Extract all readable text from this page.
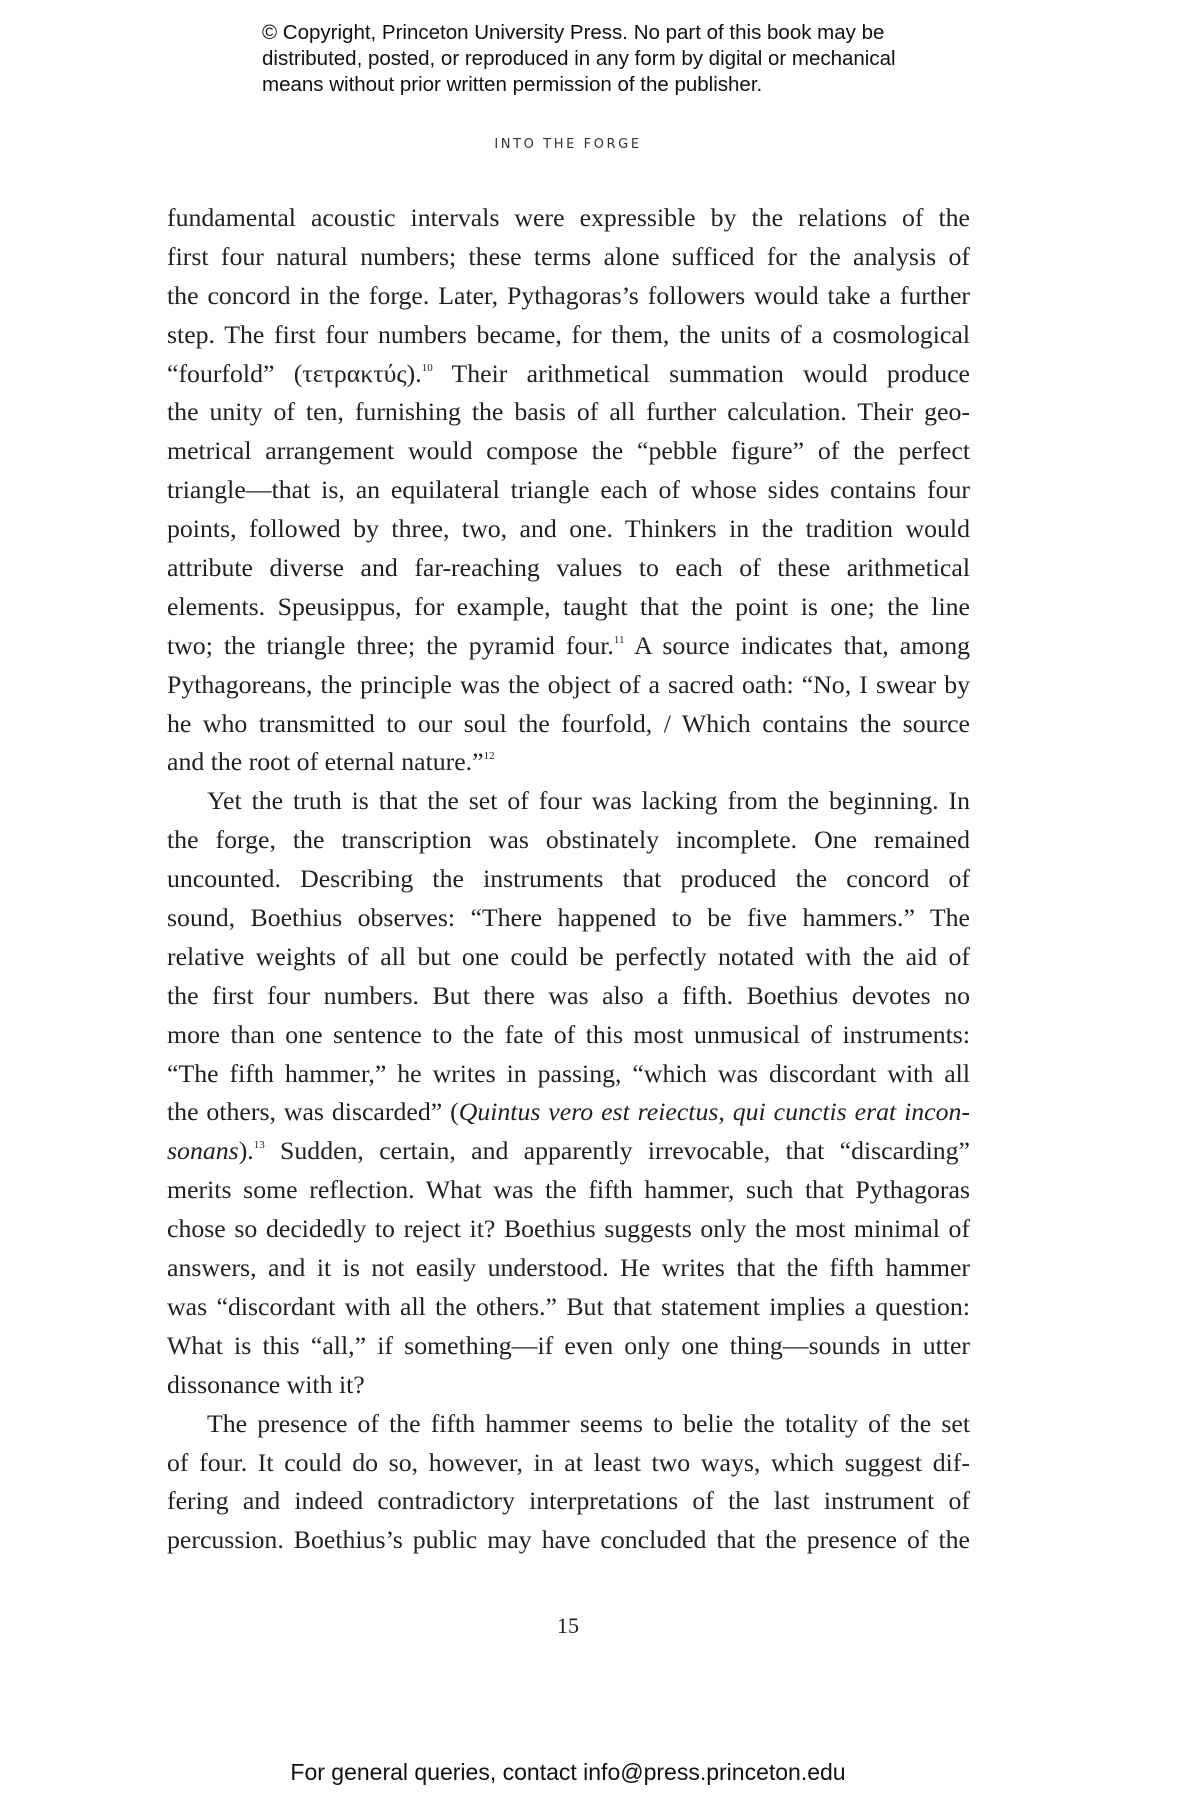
© Copyright, Princeton University Press. No part of this book may be
distributed, posted, or reproduced in any form by digital or mechanical
means without prior written permission of the publisher.
INTO THE FORGE
fundamental acoustic intervals were expressible by the relations of the
first four natural numbers; these terms alone sufficed for the analysis of
the concord in the forge. Later, Pythagoras’s followers would take a further
step. The first four numbers became, for them, the units of a cosmological
“fourfold” (τετρακτύς).$^{10}$ Their arithmetical summation would produce
the unity of ten, furnishing the basis of all further calculation. Their geo-
metrical arrangement would compose the “pebble figure” of the perfect
triangle—that is, an equilateral triangle each of whose sides contains four
points, followed by three, two, and one. Thinkers in the tradition would
attribute diverse and far-reaching values to each of these arithmetical
elements. Speusippus, for example, taught that the point is one; the line
two; the triangle three; the pyramid four.$^{11}$ A source indicates that, among
Pythagoreans, the principle was the object of a sacred oath: “No, I swear by
he who transmitted to our soul the fourfold, / Which contains the source
and the root of eternal nature.”$^{12}$
Yet the truth is that the set of four was lacking from the beginning. In
the forge, the transcription was obstinately incomplete. One remained
uncounted. Describing the instruments that produced the concord of
sound, Boethius observes: “There happened to be five hammers.” The
relative weights of all but one could be perfectly notated with the aid of
the first four numbers. But there was also a fifth. Boethius devotes no
more than one sentence to the fate of this most unmusical of instruments:
“The fifth hammer,” he writes in passing, “which was discordant with all
the others, was discarded” (Quintus vero est reiectus, qui cunctis erat incon-
sonans).$^{13}$ Sudden, certain, and apparently irrevocable, that “discarding”
merits some reflection. What was the fifth hammer, such that Pythagoras
chose so decidedly to reject it? Boethius suggests only the most minimal of
answers, and it is not easily understood. He writes that the fifth hammer
was “discordant with all the others.” But that statement implies a question:
What is this “all,” if something—if even only one thing—sounds in utter
dissonance with it?
The presence of the fifth hammer seems to belie the totality of the set
of four. It could do so, however, in at least two ways, which suggest dif-
fering and indeed contradictory interpretations of the last instrument of
percussion. Boethius’s public may have concluded that the presence of the
15
For general queries, contact info@press.princeton.edu
